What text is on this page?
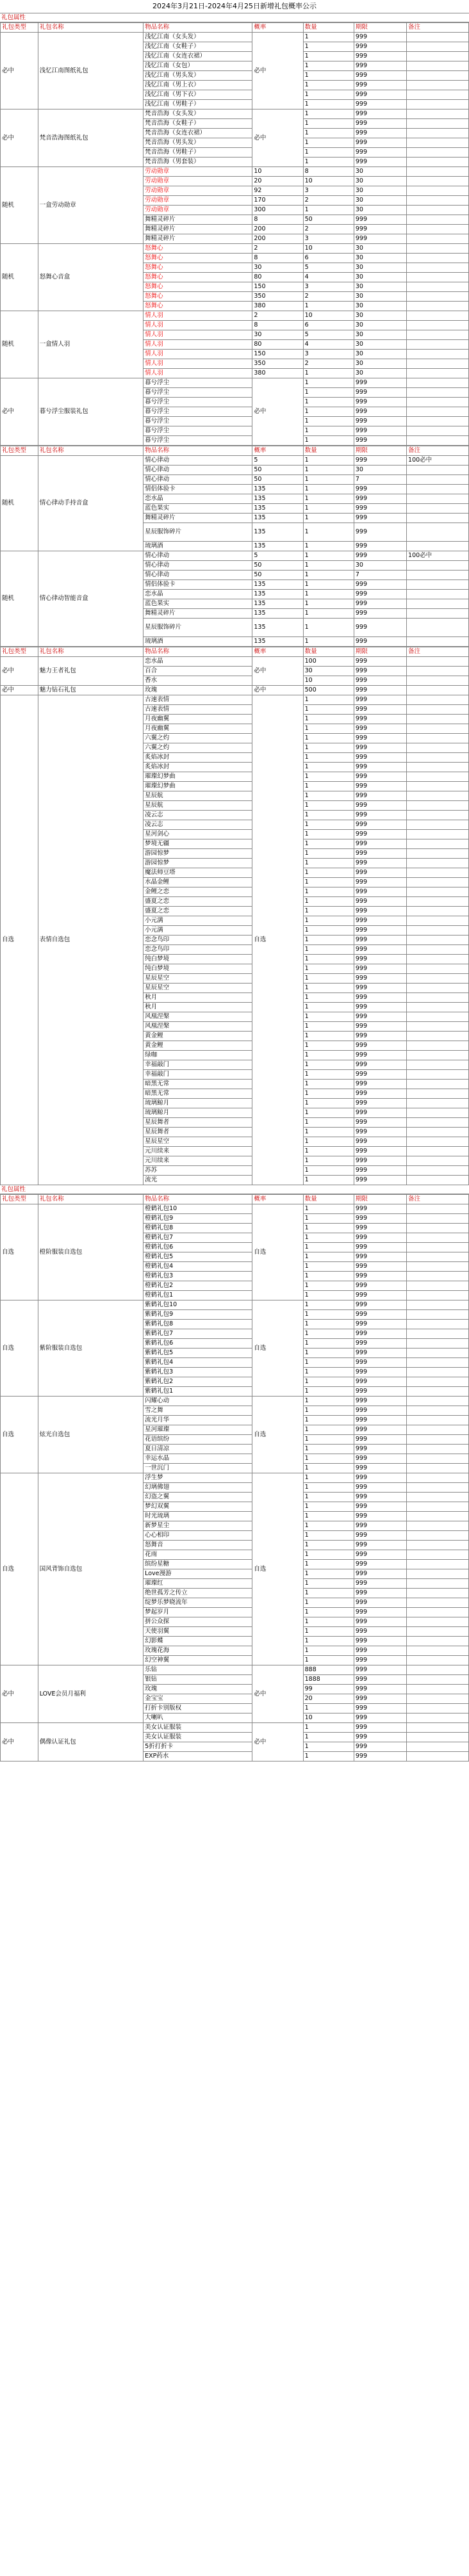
2024年3月21日-2024年4月25日新增礼包概率公示
礼包属性
礼包类型	礼包名称	物品名称	概率	数量	期限	备注
必中	浅忆江南图纸礼包	浅忆江南（女头发）	必中	1	999	
		浅忆江南（女鞋子）		1	999	
		浅忆江南（女连衣裙）		1	999	
		浅忆江南（女包）		1	999	
		浅忆江南（男头发）		1	999	
		浅忆江南（男上衣）		1	999	
		浅忆江南（男下衣）		1	999	
		浅忆江南（男鞋子）		1	999	
必中	梵音浩海图纸礼包	梵音浩海（女头发）	必中	1	999	
		梵音浩海（女鞋子）		1	999	
		梵音浩海（女连衣裙）		1	999	
		梵音浩海（男头发）		1	999	
		梵音浩海（男鞋子）		1	999	
		梵音浩海（男套装）		1	999	
随机	一盒劳动勋章	劳动勋章	10	8	30	
		劳动勋章	20	10	30	
		劳动勋章	92	3	30	
		劳动勋章	170	2	30	
		劳动勋章	300	1	30	
		舞精灵碎片	8	50	999	
		舞精灵碎片	200	2	999	
		舞精灵碎片	200	3	999	
随机	怒舞心音盒	怒舞心	2	10	30	
		怒舞心	8	6	30	
		怒舞心	30	5	30	
		怒舞心	80	4	30	
		怒舞心	150	3	30	
		怒舞心	350	2	30	
		怒舞心	380	1	30	
随机	一盒情人羽	情人羽	2	10	30	
		情人羽	8	6	30	
		情人羽	30	5	30	
		情人羽	80	4	30	
		情人羽	150	3	30	
		情人羽	350	2	30	
		情人羽	380	1	30	
必中	暮兮浮尘服装礼包	暮兮浮尘	必中	1	999	
		暮兮浮尘		1	999	
		暮兮浮尘		1	999	
		暮兮浮尘		1	999	
		暮兮浮尘		1	999	
		暮兮浮尘		1	999	
		暮兮浮尘		1	999	
礼包类型	礼包名称	物品名称	概率	数量	期限	备注
随机	情心律动手持音盒	情心律动	5	1	999	100必中
		情心律动	50	1	30	
		情心律动	50	1	7	
		情侣体验卡	135	1	999	
		恋水晶	135	1	999	
		蓝色果实	135	1	999	
		舞精灵碎片	135	1	999	
		星辰服饰碎片	135	1	999	
		琉璃酒	135	1	999	
随机	情心律动智能音盒	情心律动	5	1	999	100必中
		情心律动	50	1	30	
		情心律动	50	1	7	
		情侣体验卡	135	1	999	
		恋水晶	135	1	999	
		蓝色果实	135	1	999	
		舞精灵碎片	135	1	999	
		星辰服饰碎片	135	1	999	
		琉璃酒	135	1	999	
礼包类型	礼包名称	物品名称	概率	数量	期限	备注
必中	魅力王者礼包	恋水晶	必中	100	999	
		百合		30	999	
		香水		10	999	
必中	魅力钻石礼包	玫瑰	必中	500	999	
自选	表情自选包	古速表情	自选	1	999	
		古速表情		1	999	
		月夜幽翼		1	999	
		月夜幽翼		1	999	
		六翼之灼		1	999	
		六翼之灼		1	999	
		炙焰冰封		1	999	
		炙焰冰封		1	999	
		璀璨幻梦曲		1	999	
		璀璨幻梦曲		1	999	
		星辰航		1	999	
		星辰航		1	999	
		凌云志		1	999	
		凌云志		1	999	
		星河剑心		1	999	
		梦境无疆		1	999	
		游园惊梦		1	999	
		游园惊梦		1	999	
		魔法师豆塔		1	999	
		水晶金鲤		1	999	
		金鲤之恋		1	999	
		盛夏之恋		1	999	
		盛夏之恋		1	999	
		小元满		1	999	
		小元满		1	999	
		恋念鸟印		1	999	
		恋念鸟印		1	999	
		纯白梦境		1	999	
		纯白梦境		1	999	
		星辰星空		1	999	
		星辰星空		1	999	
		秋月		1	999	
		秋月		1	999	
		风凰涅槃		1	999	
		风凰涅槃		1	999	
		黄金鲤		1	999	
		黄金鲤		1	999	
		绿咖		1	999	
		幸福敲门		1	999	
		幸福敲门		1	999	
		暗黑无常		1	999	
		暗黑无常		1	999	
		琉璃鲸月		1	999	
		琉璃鲸月		1	999	
		星辰舞者		1	999	
		星辰舞者		1	999	
		星辰星空		1	999	
		元川续来		1	999	
		元川续来		1	999	
		苏苏		1	999	
		流光		1	999	
礼包属性
礼包类型	礼包名称	物品名称	概率	数量	期限	备注
自选	橙阶服装自选包	橙鹤礼包10	自选	1	999	
		橙鹤礼包9		1	999	
		橙鹤礼包8		1	999	
		橙鹤礼包7		1	999	
		橙鹤礼包6		1	999	
		橙鹤礼包5		1	999	
		橙鹤礼包4		1	999	
		橙鹤礼包3		1	999	
		橙鹤礼包2		1	999	
		橙鹤礼包1		1	999	
自选	紫阶服装自选包	紫鹤礼包10	自选	1	999	
		紫鹤礼包9		1	999	
		紫鹤礼包8		1	999	
		紫鹤礼包7		1	999	
		紫鹤礼包6		1	999	
		紫鹤礼包5		1	999	
		紫鹤礼包4		1	999	
		紫鹤礼包3		1	999	
		紫鹤礼包2		1	999	
		紫鹤礼包1		1	999	
自选	炫光自选包	闪耀心动	自选	1	999	
		雪之舞		1	999	
		流光月华		1	999	
		星河璀璨		1	999	
		花语缤纷		1	999	
		夏日清凉		1	999	
		幸运水晶		1	999	
		一世沉门		1	999	
自选	国风背饰自选包	浮生梦	自选	1	999	
		幻璃佛翅		1	999	
		幻盗之翼		1	999	
		梦幻双翼		1	999	
		时光琉璃		1	999	
		新梦星尘		1	999	
		心心相印		1	999	
		怒舞音		1	999	
		花雨		1	999	
		缤纷星糖		1	999	
		Love漫游		1	999	
		璀璨红		1	999	
		绝世孤芳之传立		1	999	
		绽梦乐梦晓流年		1	999	
		梦起岁月		1	999	
		拼公众探		1	999	
		天使羽翼		1	999	
		幻影蝶		1	999	
		玫瑰花海		1	999	
		幻空神翼		1	999	
必中	LOVE会员月福利	乐钻	必中	888	999	
		银钻		1888	999	
		玫瑰		99	999	
		金宝宝		20	999	
		打折卡别版权		1	999	
		大喇叭		10	999	
必中	偶像认证礼包	美女认证服装	必中	1	999	
		美女认证服装		1	999	
		5折打折卡		1	999	
		EXP药水		1	999	
